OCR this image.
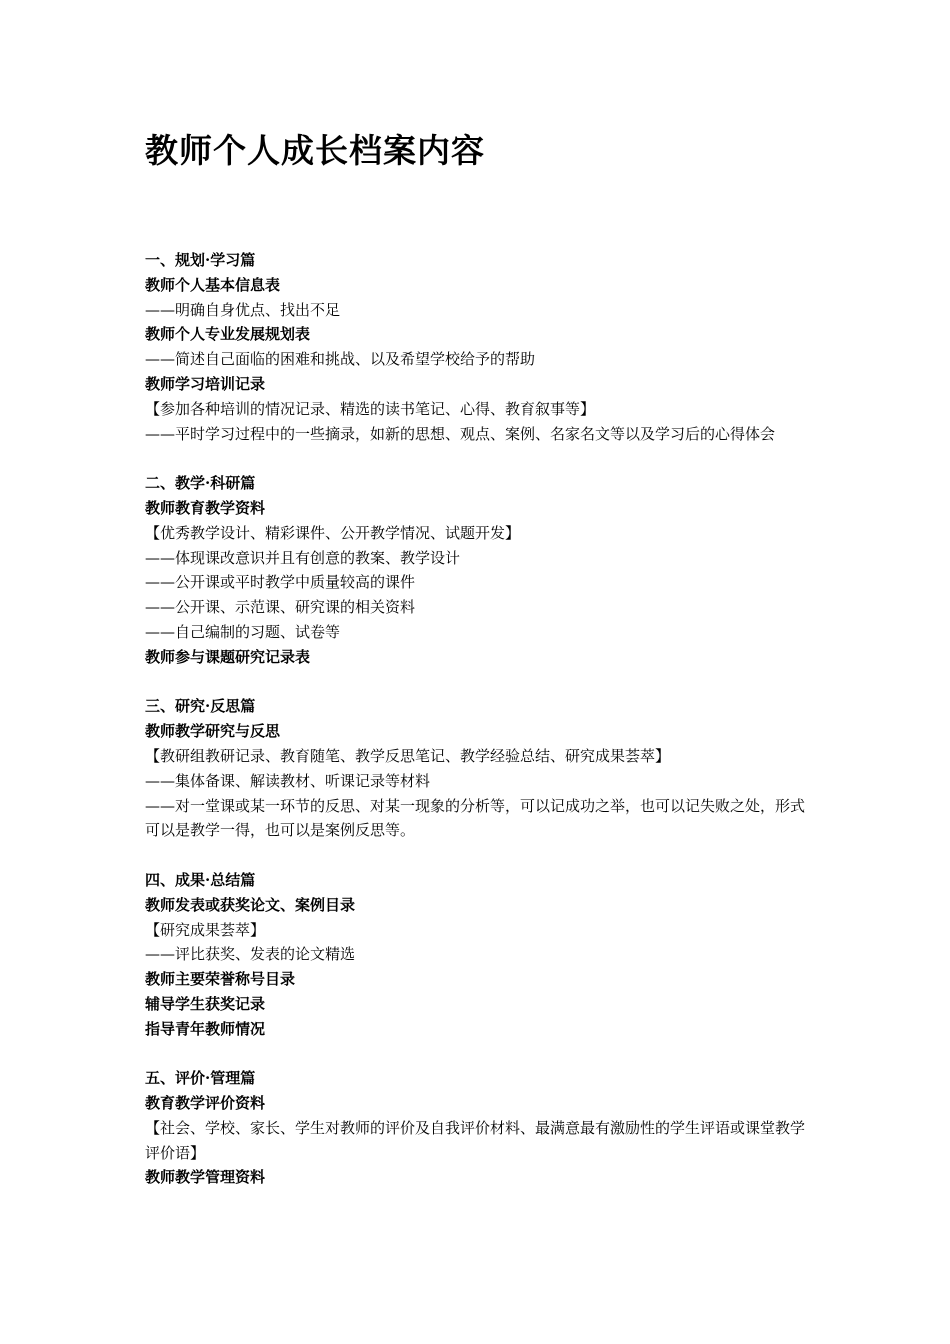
教师个人成长档案内容

一、规划·学习篇

教师个人基本信息表

——明确自身优点、找出不足

教师个人专业发展规划表

——简述自己面临的困难和挑战、以及希望学校给予的帮助

教师学习培训记录

【参加各种培训的情况记录、精选的读书笔记、心得、教育叙事等】

——平时学习过程中的一些摘录，如新的思想、观点、案例、名家名文等以及学习后的心得体会

二、教学·科研篇

教师教育教学资料

【优秀教学设计、精彩课件、公开教学情况、试题开发】

——体现课改意识并且有创意的教案、教学设计

——公开课或平时教学中质量较高的课件

——公开课、示范课、研究课的相关资料

——自己编制的习题、试卷等

教师参与课题研究记录表

三、研究·反思篇

教师教学研究与反思

【教研组教研记录、教育随笔、教学反思笔记、教学经验总结、研究成果荟萃】

——集体备课、解读教材、听课记录等材料

——对一堂课或某一环节的反思、对某一现象的分析等，可以记成功之举，也可以记失败之处，形式可以是教学一得，也可以是案例反思等。

四、成果·总结篇

教师发表或获奖论文、案例目录

【研究成果荟萃】

——评比获奖、发表的论文精选

教师主要荣誉称号目录

辅导学生获奖记录

指导青年教师情况

五、评价·管理篇

教育教学评价资料

【社会、学校、家长、学生对教师的评价及自我评价材料、最满意最有激励性的学生评语或课堂教学评价语】

教师教学管理资料
